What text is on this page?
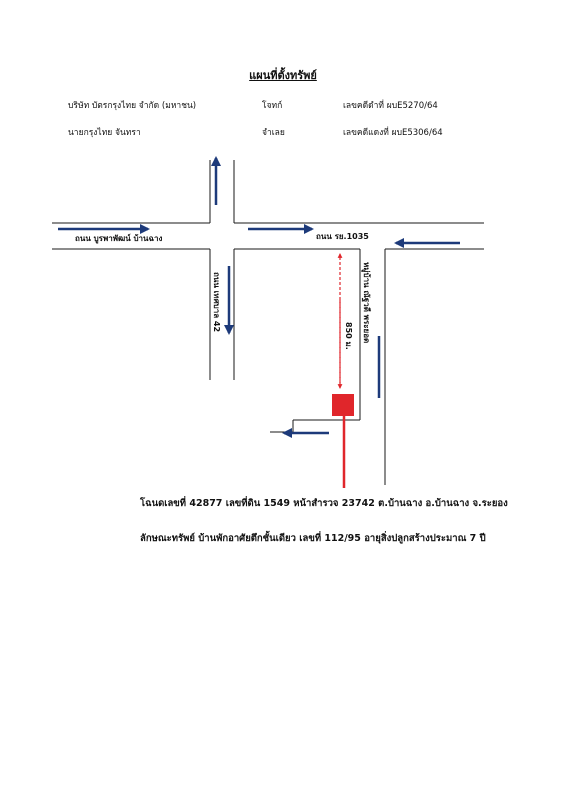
แผนที่ตั้งทรัพย์
บริษัท บัตรกรุงไทย จำกัด (มหาชน)	โจทก์	เลขคดีดำที่ ผบE5270/64
นายกรุงไทย จันทรา	จำเลย	เลขคดีแดงที่ ผบE5306/64
ถนน บูรพาพัฒน์ บ้านฉาง	ถนน รย.1035
ถนน เทศบาล 42	หมู่บ้าน ณัฐวดี พระยอด
850 ม.
โฉนดเลขที่ 42877 เลขที่ดิน 1549 หน้าสำรวจ 23742 ต.บ้านฉาง อ.บ้านฉาง จ.ระยอง
ลักษณะทรัพย์ บ้านพักอาศัยตึกชั้นเดียว เลขที่ 112/95 อายุสิ่งปลูกสร้างประมาณ 7 ปี
